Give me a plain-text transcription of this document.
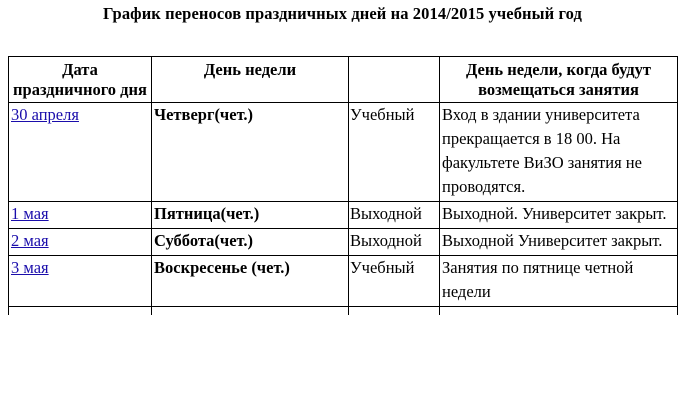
График переносов праздничных дней на 2014/2015 учебный год
Дата праздничного дня	День недели		День недели, когда будут возмещаться занятия
30 апреля	Четверг(чет.)	Учебный	Вход в здании университета прекращается в 18 00. На факультете ВиЗО занятия не проводятся.
1 мая	Пятница(чет.)	Выходной	Выходной. Университет закрыт.
2 мая	Суббота(чет.)	Выходной	Выходной Университет закрыт.
3 мая	Воскресенье (чет.)	Учебный	Занятия по пятнице четной недели
